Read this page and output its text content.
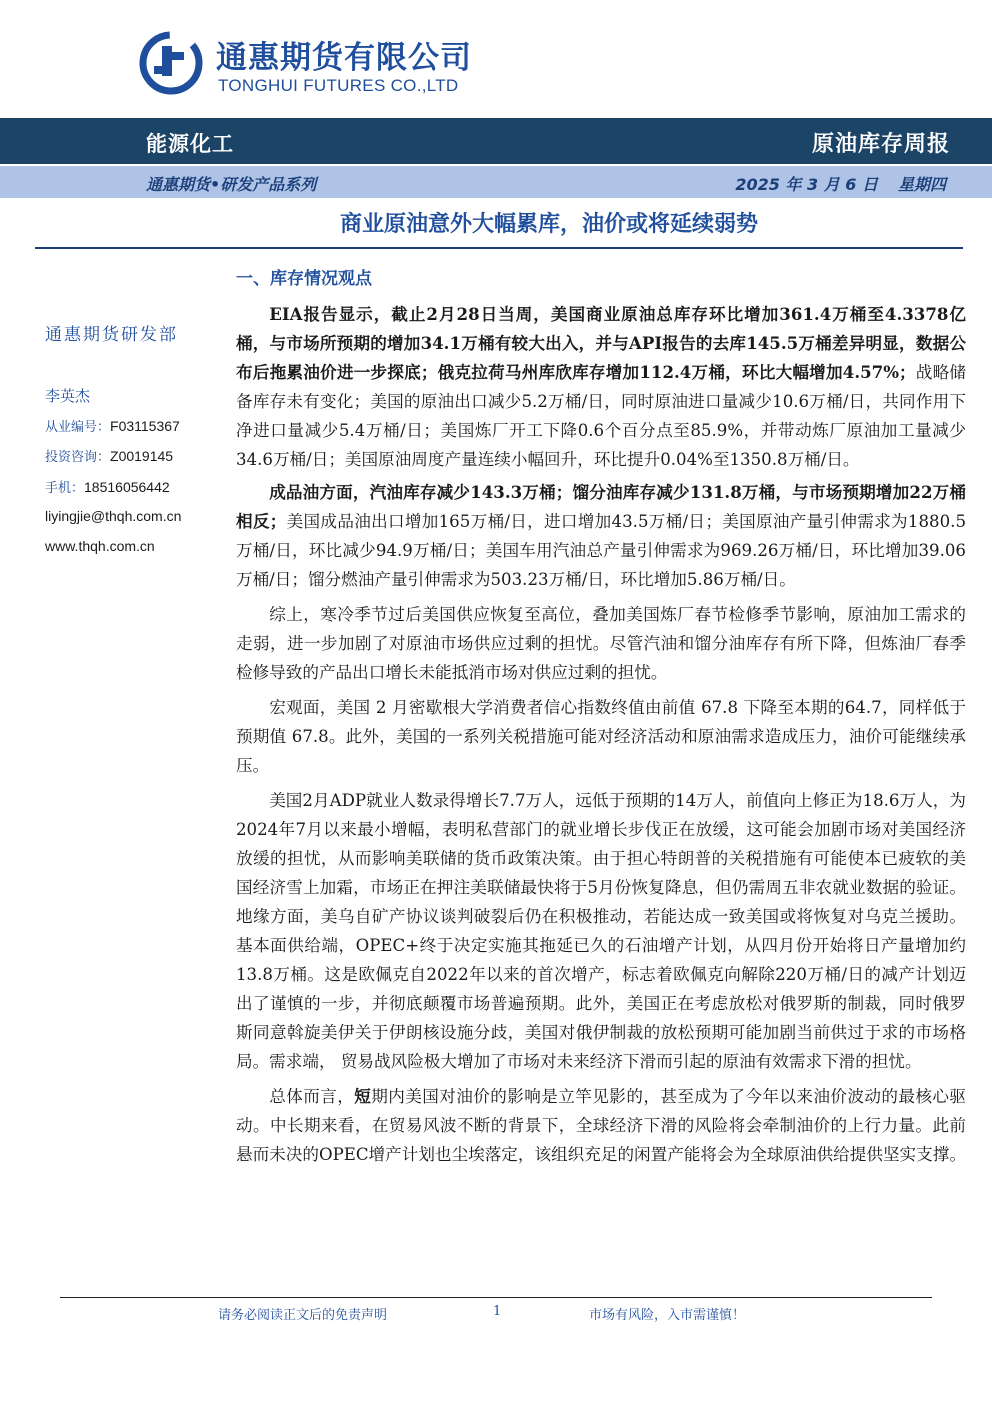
通惠期货有限公司
TONGHUI FUTURES CO.,LTD
能源化工	原油库存周报
通惠期货•研发产品系列	2025 年 3 月 6 日 星期四
商业原油意外大幅累库，油价或将延续弱势
通惠期货研发部
李英杰
从业编号：F03115367
投资咨询：Z0019145
手机：18516056442
liyingjie@thqh.com.cn
www.thqh.com.cn
一、库存情况观点

EIA报告显示，截止2月28日当周，美国商业原油总库存环比增加361.4万桶至4.3378亿桶，与市场所预期的增加34.1万桶有较大出入，并与API报告的去库145.5万桶差异明显，数据公布后拖累油价进一步探底；俄克拉荷马州库欣库存增加112.4万桶，环比大幅增加4.57%；战略储备库存未有变化；美国的原油出口减少5.2万桶/日，同时原油进口量减少10.6万桶/日，共同作用下净进口量减少5.4万桶/日；美国炼厂开工下降0.6个百分点至85.9%，并带动炼厂原油加工量减少34.6万桶/日；美国原油周度产量连续小幅回升，环比提升0.04%至1350.8万桶/日。

成品油方面，汽油库存减少143.3万桶；馏分油库存减少131.8万桶，与市场预期增加22万桶相反；美国成品油出口增加165万桶/日，进口增加43.5万桶/日；美国原油产量引伸需求为1880.5万桶/日，环比减少94.9万桶/日；美国车用汽油总产量引伸需求为969.26万桶/日，环比增加39.06万桶/日；馏分燃油产量引伸需求为503.23万桶/日，环比增加5.86万桶/日。

综上，寒冷季节过后美国供应恢复至高位，叠加美国炼厂春节检修季节影响，原油加工需求的走弱，进一步加剧了对原油市场供应过剩的担忧。尽管汽油和馏分油库存有所下降，但炼油厂春季检修导致的产品出口增长未能抵消市场对供应过剩的担忧。

宏观面，美国 2 月密歇根大学消费者信心指数终值由前值 67.8 下降至本期的64.7，同样低于预期值 67.8。此外，美国的一系列关税措施可能对经济活动和原油需求造成压力，油价可能继续承压。

美国2月ADP就业人数录得增长7.7万人，远低于预期的14万人，前值向上修正为18.6万人，为2024年7月以来最小增幅，表明私营部门的就业增长步伐正在放缓，这可能会加剧市场对美国经济放缓的担忧，从而影响美联储的货币政策决策。由于担心特朗普的关税措施有可能使本已疲软的美国经济雪上加霜，市场正在押注美联储最快将于5月份恢复降息，但仍需周五非农就业数据的验证。地缘方面，美乌自矿产协议谈判破裂后仍在积极推动，若能达成一致美国或将恢复对乌克兰援助。基本面供给端，OPEC+终于决定实施其拖延已久的石油增产计划，从四月份开始将日产量增加约13.8万桶。这是欧佩克自2022年以来的首次增产，标志着欧佩克向解除220万桶/日的减产计划迈出了谨慎的一步，并彻底颠覆市场普遍预期。此外，美国正在考虑放松对俄罗斯的制裁，同时俄罗斯同意斡旋美伊关于伊朗核设施分歧，美国对俄伊制裁的放松预期可能加剧当前供过于求的市场格局。需求端， 贸易战风险极大增加了市场对未来经济下滑而引起的原油有效需求下滑的担忧。

总体而言，短期内美国对油价的影响是立竿见影的，甚至成为了今年以来油价波动的最核心驱动。中长期来看，在贸易风波不断的背景下，全球经济下滑的风险将会牵制油价的上行力量。此前悬而未决的OPEC增产计划也尘埃落定，该组织充足的闲置产能将会为全球原油供给提供坚实支撑。

请务必阅读正文后的免责声明	1	市场有风险，入市需谨慎！
